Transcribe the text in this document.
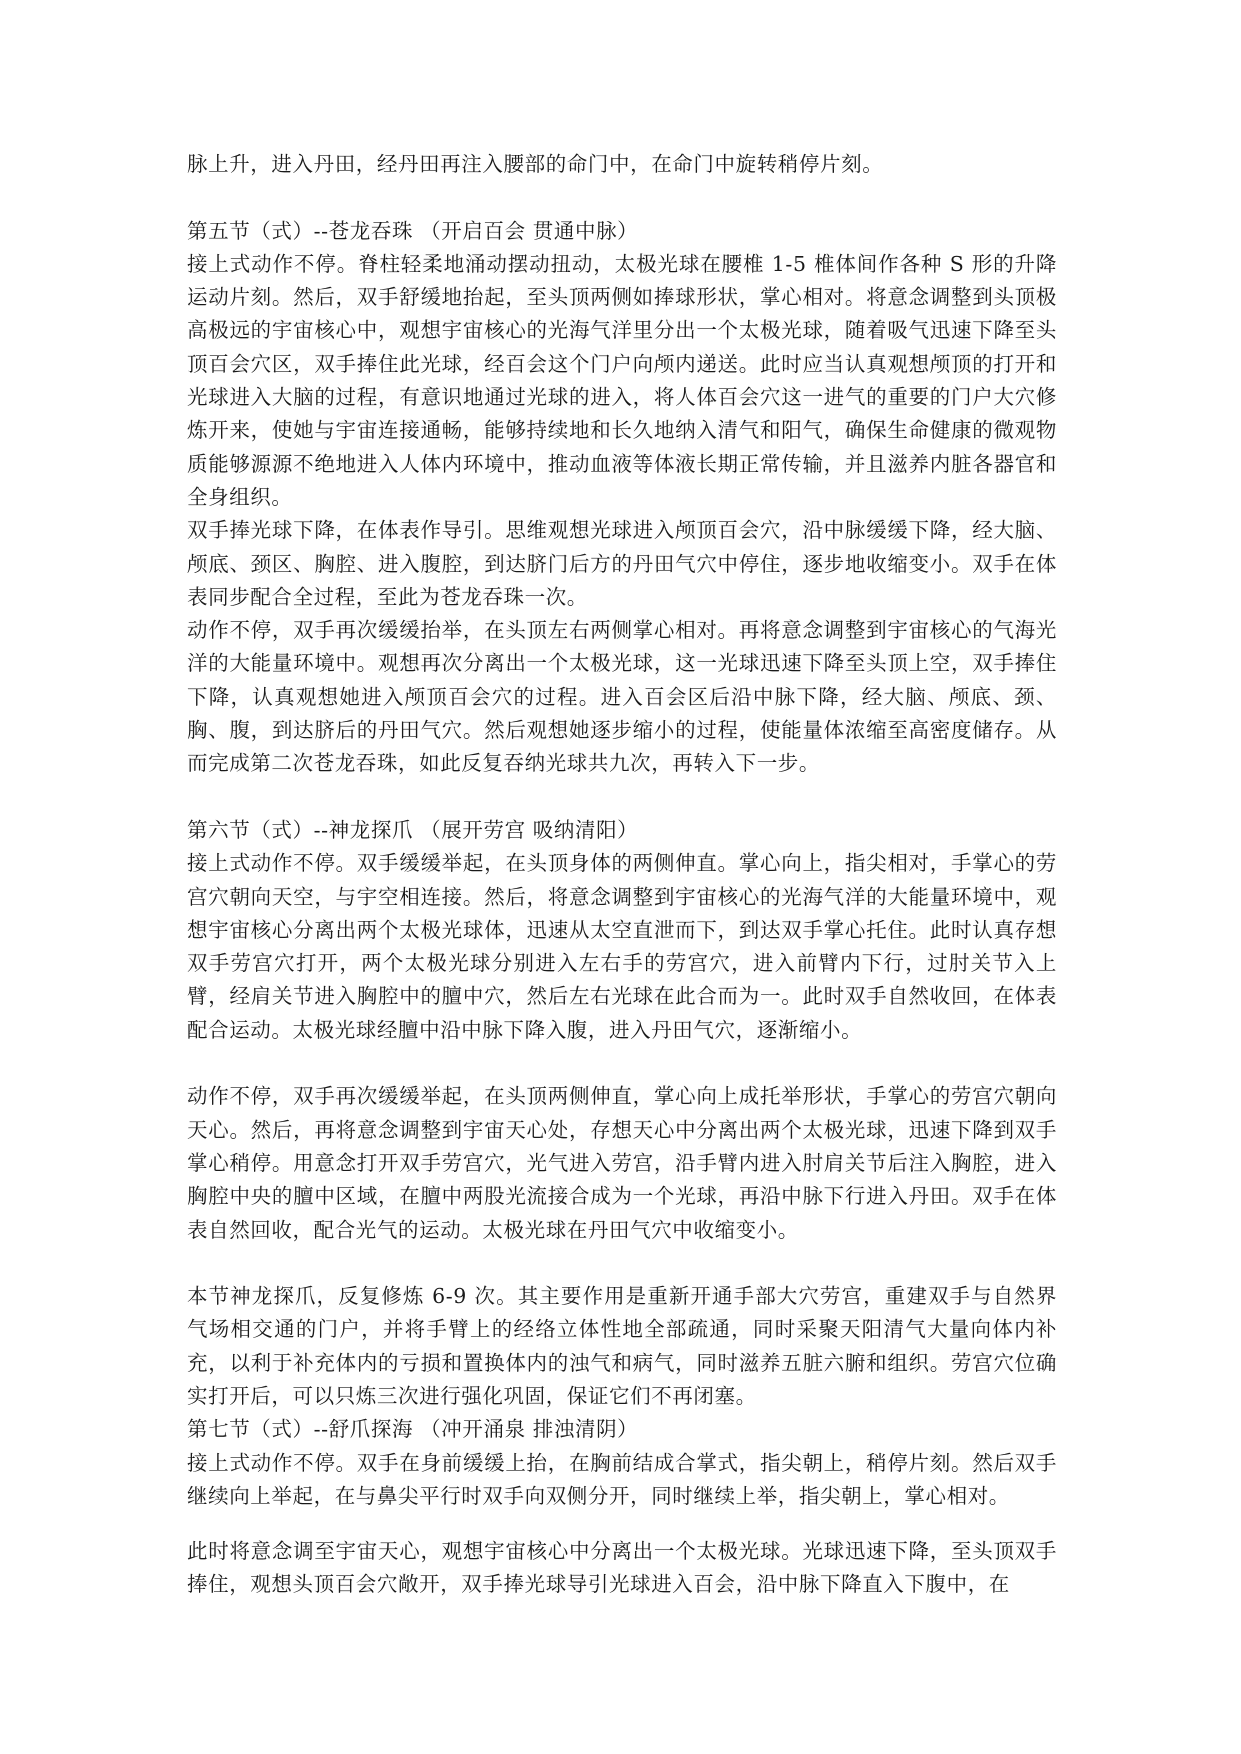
脉上升，进入丹田，经丹田再注入腰部的命门中，在命门中旋转稍停片刻。

第五节（式）--苍龙吞珠 （开启百会 贯通中脉）

接上式动作不停。脊柱轻柔地涌动摆动扭动，太极光球在腰椎 1-5 椎体间作各种 S 形的升降运动片刻。然后，双手舒缓地抬起，至头顶两侧如捧球形状，掌心相对。将意念调整到头顶极高极远的宇宙核心中，观想宇宙核心的光海气洋里分出一个太极光球，随着吸气迅速下降至头顶百会穴区，双手捧住此光球，经百会这个门户向颅内递送。此时应当认真观想颅顶的打开和光球进入大脑的过程，有意识地通过光球的进入，将人体百会穴这一进气的重要的门户大穴修炼开来，使她与宇宙连接通畅，能够持续地和长久地纳入清气和阳气，确保生命健康的微观物质能够源源不绝地进入人体内环境中，推动血液等体液长期正常传输，并且滋养内脏各器官和全身组织。

双手捧光球下降，在体表作导引。思维观想光球进入颅顶百会穴，沿中脉缓缓下降，经大脑、颅底、颈区、胸腔、进入腹腔，到达脐门后方的丹田气穴中停住，逐步地收缩变小。双手在体表同步配合全过程，至此为苍龙吞珠一次。

动作不停，双手再次缓缓抬举，在头顶左右两侧掌心相对。再将意念调整到宇宙核心的气海光洋的大能量环境中。观想再次分离出一个太极光球，这一光球迅速下降至头顶上空，双手捧住下降，认真观想她进入颅顶百会穴的过程。进入百会区后沿中脉下降，经大脑、颅底、颈、胸、腹，到达脐后的丹田气穴。然后观想她逐步缩小的过程，使能量体浓缩至高密度储存。从而完成第二次苍龙吞珠，如此反复吞纳光球共九次，再转入下一步。

第六节（式）--神龙探爪 （展开劳宫 吸纳清阳）

接上式动作不停。双手缓缓举起，在头顶身体的两侧伸直。掌心向上，指尖相对，手掌心的劳宫穴朝向天空，与宇空相连接。然后，将意念调整到宇宙核心的光海气洋的大能量环境中，观想宇宙核心分离出两个太极光球体，迅速从太空直泄而下，到达双手掌心托住。此时认真存想双手劳宫穴打开，两个太极光球分别进入左右手的劳宫穴，进入前臂内下行，过肘关节入上臂，经肩关节进入胸腔中的膻中穴，然后左右光球在此合而为一。此时双手自然收回，在体表配合运动。太极光球经膻中沿中脉下降入腹，进入丹田气穴，逐渐缩小。

动作不停，双手再次缓缓举起，在头顶两侧伸直，掌心向上成托举形状，手掌心的劳宫穴朝向天心。然后，再将意念调整到宇宙天心处，存想天心中分离出两个太极光球，迅速下降到双手掌心稍停。用意念打开双手劳宫穴，光气进入劳宫，沿手臂内进入肘肩关节后注入胸腔，进入胸腔中央的膻中区域，在膻中两股光流接合成为一个光球，再沿中脉下行进入丹田。双手在体表自然回收，配合光气的运动。太极光球在丹田气穴中收缩变小。

本节神龙探爪，反复修炼 6-9 次。其主要作用是重新开通手部大穴劳宫，重建双手与自然界气场相交通的门户，并将手臂上的经络立体性地全部疏通，同时采聚天阳清气大量向体内补充，以利于补充体内的亏损和置换体内的浊气和病气，同时滋养五脏六腑和组织。劳宫穴位确实打开后，可以只炼三次进行强化巩固，保证它们不再闭塞。

第七节（式）--舒爪探海 （冲开涌泉 排浊清阴）

接上式动作不停。双手在身前缓缓上抬，在胸前结成合掌式，指尖朝上，稍停片刻。然后双手继续向上举起，在与鼻尖平行时双手向双侧分开，同时继续上举，指尖朝上，掌心相对。

此时将意念调至宇宙天心，观想宇宙核心中分离出一个太极光球。光球迅速下降，至头顶双手捧住，观想头顶百会穴敞开，双手捧光球导引光球进入百会，沿中脉下降直入下腹中，在
